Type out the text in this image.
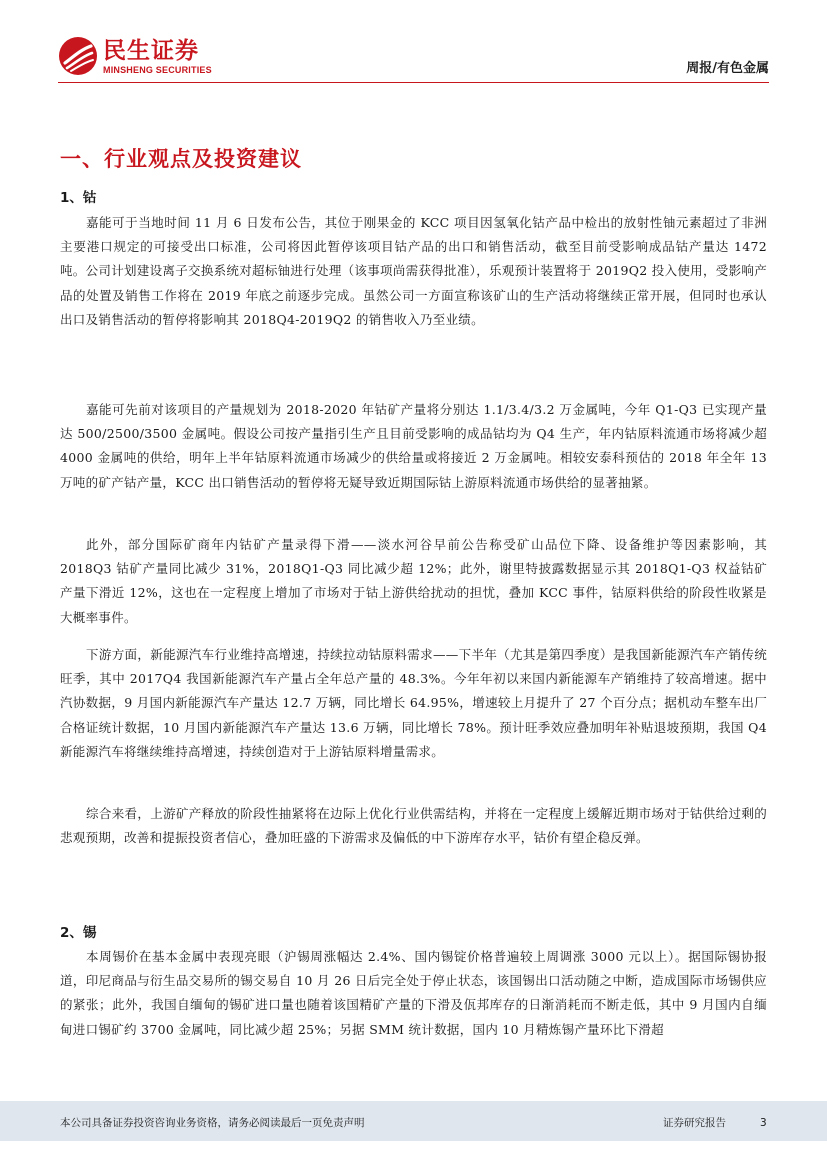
民生证券
MINSHENG SECURITIES	周报/有色金属
一、行业观点及投资建议
1、钴

嘉能可于当地时间 11 月 6 日发布公告，其位于刚果金的 KCC 项目因氢氧化钴产品中检出的放射性铀元素超过了非洲主要港口规定的可接受出口标准，公司将因此暂停该项目钴产品的出口和销售活动，截至目前受影响成品钴产量达 1472 吨。公司计划建设离子交换系统对超标铀进行处理（该事项尚需获得批准），乐观预计装置将于 2019Q2 投入使用，受影响产品的处置及销售工作将在 2019 年底之前逐步完成。虽然公司一方面宣称该矿山的生产活动将继续正常开展，但同时也承认出口及销售活动的暂停将影响其 2018Q4-2019Q2 的销售收入乃至业绩。

嘉能可先前对该项目的产量规划为 2018-2020 年钴矿产量将分别达 1.1/3.4/3.2 万金属吨，今年 Q1-Q3 已实现产量达 500/2500/3500 金属吨。假设公司按产量指引生产且目前受影响的成品钴均为 Q4 生产，年内钴原料流通市场将减少超 4000 金属吨的供给，明年上半年钴原料流通市场减少的供给量或将接近 2 万金属吨。相较安泰科预估的 2018 年全年 13 万吨的矿产钴产量，KCC 出口销售活动的暂停将无疑导致近期国际钴上游原料流通市场供给的显著抽紧。

此外，部分国际矿商年内钴矿产量录得下滑——淡水河谷早前公告称受矿山品位下降、设备维护等因素影响，其 2018Q3 钴矿产量同比减少 31%，2018Q1-Q3 同比减少超 12%；此外，谢里特披露数据显示其 2018Q1-Q3 权益钴矿产量下滑近 12%，这也在一定程度上增加了市场对于钴上游供给扰动的担忧，叠加 KCC 事件，钴原料供给的阶段性收紧是大概率事件。

下游方面，新能源汽车行业维持高增速，持续拉动钴原料需求——下半年（尤其是第四季度）是我国新能源汽车产销传统旺季，其中 2017Q4 我国新能源汽车产量占全年总产量的 48.3%。今年年初以来国内新能源车产销维持了较高增速。据中汽协数据，9 月国内新能源汽车产量达 12.7 万辆，同比增长 64.95%，增速较上月提升了 27 个百分点；据机动车整车出厂合格证统计数据，10 月国内新能源汽车产量达 13.6 万辆，同比增长 78%。预计旺季效应叠加明年补贴退坡预期，我国 Q4 新能源汽车将继续维持高增速，持续创造对于上游钴原料增量需求。

综合来看，上游矿产释放的阶段性抽紧将在边际上优化行业供需结构，并将在一定程度上缓解近期市场对于钴供给过剩的悲观预期，改善和提振投资者信心，叠加旺盛的下游需求及偏低的中下游库存水平，钴价有望企稳反弹。

2、锡

本周锡价在基本金属中表现亮眼（沪锡周涨幅达 2.4%、国内锡锭价格普遍较上周调涨 3000 元以上）。据国际锡协报道，印尼商品与衍生品交易所的锡交易自 10 月 26 日后完全处于停止状态，该国锡出口活动随之中断，造成国际市场锡供应的紧张；此外，我国自缅甸的锡矿进口量也随着该国精矿产量的下滑及佤邦库存的日渐消耗而不断走低，其中 9 月国内自缅甸进口锡矿约 3700 金属吨，同比减少超 25%；另据 SMM 统计数据，国内 10 月精炼锡产量环比下滑超

本公司具备证券投资咨询业务资格，请务必阅读最后一页免责声明	证券研究报告	3
